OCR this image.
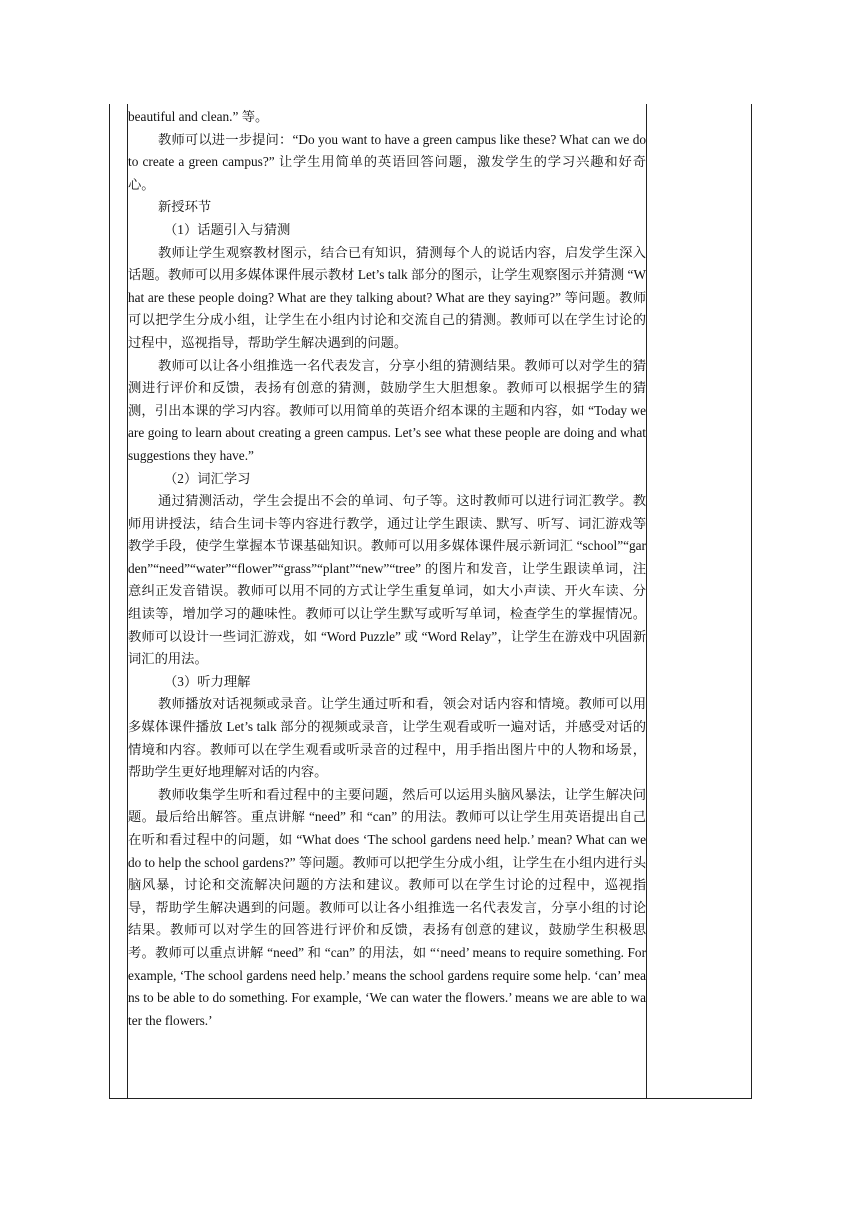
beautiful and clean.” 等。

教师可以进一步提问：“Do you want to have a green campus like these? What can we do to create a green campus?” 让学生用简单的英语回答问题，激发学生的学习兴趣和好奇心。

新授环节

（1）话题引入与猜测

教师让学生观察教材图示，结合已有知识，猜测每个人的说话内容，启发学生深入话题。教师可以用多媒体课件展示教材 Let’s talk 部分的图示，让学生观察图示并猜测 “What are these people doing? What are they talking about? What are they saying?” 等问题。教师可以把学生分成小组，让学生在小组内讨论和交流自己的猜测。教师可以在学生讨论的过程中，巡视指导，帮助学生解决遇到的问题。

教师可以让各小组推选一名代表发言，分享小组的猜测结果。教师可以对学生的猜测进行评价和反馈，表扬有创意的猜测，鼓励学生大胆想象。教师可以根据学生的猜测，引出本课的学习内容。教师可以用简单的英语介绍本课的主题和内容，如 “Today we are going to learn about creating a green campus. Let’s see what these people are doing and what suggestions they have.”

（2）词汇学习

通过猜测活动，学生会提出不会的单词、句子等。这时教师可以进行词汇教学。教师用讲授法，结合生词卡等内容进行教学，通过让学生跟读、默写、听写、词汇游戏等教学手段，使学生掌握本节课基础知识。教师可以用多媒体课件展示新词汇 “school”“garden”“need”“water”“flower”“grass”“plant”“new”“tree” 的图片和发音，让学生跟读单词，注意纠正发音错误。教师可以用不同的方式让学生重复单词，如大小声读、开火车读、分组读等，增加学习的趣味性。教师可以让学生默写或听写单词，检查学生的掌握情况。教师可以设计一些词汇游戏，如 “Word Puzzle” 或 “Word Relay”，让学生在游戏中巩固新词汇的用法。

（3）听力理解

教师播放对话视频或录音。让学生通过听和看，领会对话内容和情境。教师可以用多媒体课件播放 Let’s talk 部分的视频或录音，让学生观看或听一遍对话，并感受对话的情境和内容。教师可以在学生观看或听录音的过程中，用手指出图片中的人物和场景，帮助学生更好地理解对话的内容。

教师收集学生听和看过程中的主要问题，然后可以运用头脑风暴法，让学生解决问题。最后给出解答。重点讲解 “need” 和 “can” 的用法。教师可以让学生用英语提出自己在听和看过程中的问题，如 “What does ‘The school gardens need help.’ mean? What can we do to help the school gardens?” 等问题。教师可以把学生分成小组，让学生在小组内进行头脑风暴，讨论和交流解决问题的方法和建议。教师可以在学生讨论的过程中，巡视指导，帮助学生解决遇到的问题。教师可以让各小组推选一名代表发言，分享小组的讨论结果。教师可以对学生的回答进行评价和反馈，表扬有创意的建议，鼓励学生积极思考。教师可以重点讲解 “need” 和 “can” 的用法，如 “‘need’ means to require something. For example, ‘The school gardens need help.’ means the school gardens require some help. ‘can’ means to be able to do something. For example, ‘We can water the flowers.’ means we are able to water the flowers.’
